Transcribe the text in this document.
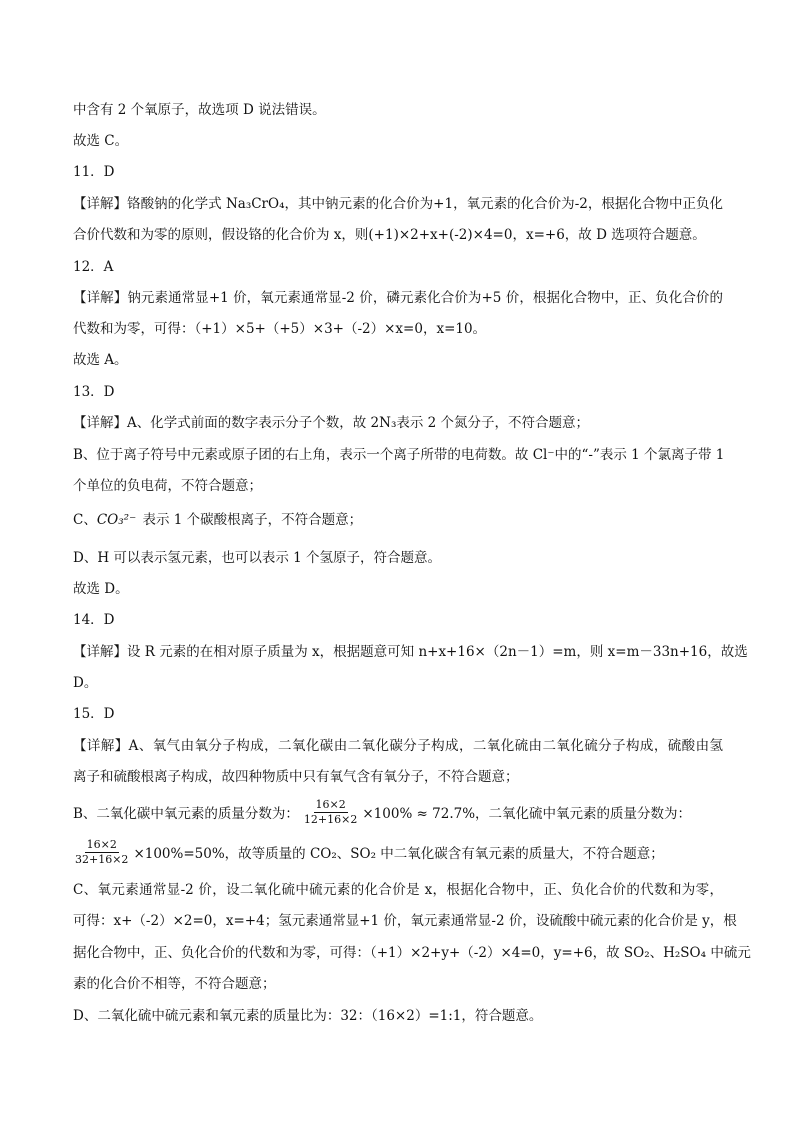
中含有 2 个氧原子，故选项 D 说法错误。
故选 C。
11．D
【详解】铬酸钠的化学式 Na₃CrO₄，其中钠元素的化合价为+1，氧元素的化合价为-2，根据化合物中正负化
合价代数和为零的原则，假设铬的化合价为 x，则(+1)×2+x+(-2)×4=0，x=+6，故 D 选项符合题意。
12．A
【详解】钠元素通常显+1 价，氧元素通常显-2 价，磷元素化合价为+5 价，根据化合物中，正、负化合价的
代数和为零，可得：（+1）×5+（+5）×3+（-2）×x=0，x=10。
故选 A。
13．D
【详解】A、化学式前面的数字表示分子个数，故 2N₃表示 2 个氮分子，不符合题意；
B、位于离子符号中元素或原子团的右上角，表示一个离子所带的电荷数。故 Cl⁻中的“-”表示 1 个氯离子带 1
个单位的负电荷，不符合题意；
C、CO₃²⁻ 表示 1 个碳酸根离子，不符合题意；
D、H 可以表示氢元素，也可以表示 1 个氢原子，符合题意。
故选 D。
14．D
【详解】设 R 元素的在相对原子质量为 x，根据题意可知 n+x+16×（2n－1）=m，则 x=m－33n+16，故选
D。
15．D
【详解】A、氧气由氧分子构成，二氧化碳由二氧化碳分子构成，二氧化硫由二氧化硫分子构成，硫酸由氢
离子和硫酸根离子构成，故四种物质中只有氧气含有氧分子，不符合题意；
B、二氧化碳中氧元素的质量分数为： $\frac{16\times 2}{12+16\times 2} \times 100\% \approx 72.7\%$，二氧化硫中氧元素的质量分数为：
$\frac{16\times 2}{32+16\times 2} \times 100\%=50\%$，故等质量的 CO₂、SO₂ 中二氧化碳含有氧元素的质量大，不符合题意；
C、氧元素通常显-2 价，设二氧化硫中硫元素的化合价是 x，根据化合物中，正、负化合价的代数和为零，
可得：x+（-2）×2=0，x=+4；氢元素通常显+1 价，氧元素通常显-2 价，设硫酸中硫元素的化合价是 y，根
据化合物中，正、负化合价的代数和为零，可得：（+1）×2+y+（-2）×4=0，y=+6，故 SO₂、H₂SO₄ 中硫元
素的化合价不相等，不符合题意；
D、二氧化硫中硫元素和氧元素的质量比为：32：（16×2）=1:1，符合题意。
